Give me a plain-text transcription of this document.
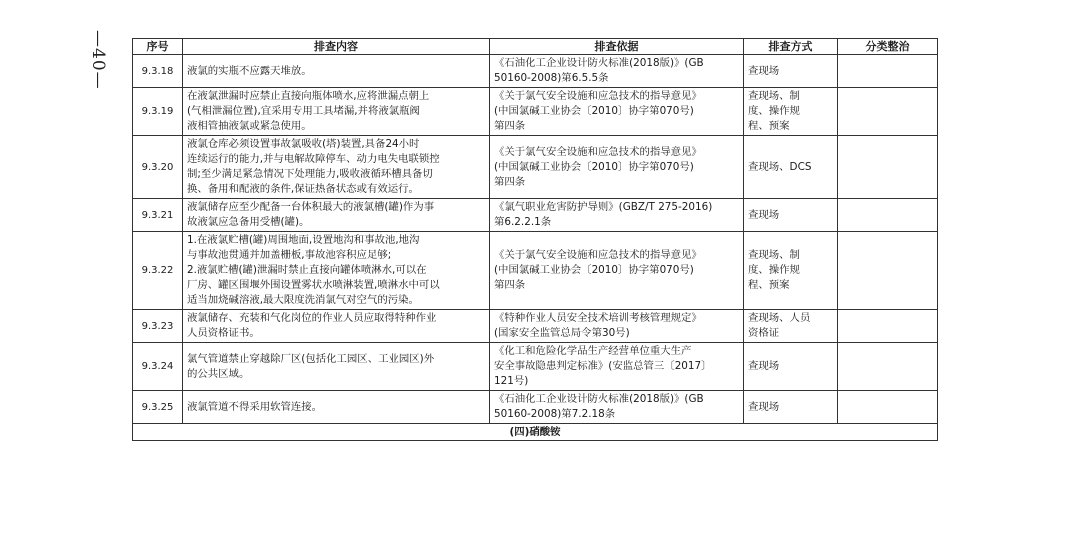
—40—	序号	排查内容	排查依据	排查方式	分类整治
9.3.18	液氯的实瓶不应露天堆放。	《石油化工企业设计防火标准(2018版)》(GB
50160-2008)第6.5.5条	查现场	
9.3.19	在液氯泄漏时应禁止直接向瓶体喷水,应将泄漏点朝上
(气相泄漏位置),宜采用专用工具堵漏,并将液氯瓶阀
液相管抽液氯或紧急使用。	《关于氯气安全设施和应急技术的指导意见》
(中国氯碱工业协会〔2010〕协字第070号)
第四条	查现场、制
度、操作规
程、预案	
9.3.20	液氯仓库必须设置事故氯吸收(塔)装置,具备24小时
连续运行的能力,并与电解故障停车、动力电失电联锁控
制;至少满足紧急情况下处理能力,吸收液循环槽具备切
换、备用和配液的条件,保证热备状态或有效运行。	《关于氯气安全设施和应急技术的指导意见》
(中国氯碱工业协会〔2010〕协字第070号)
第四条	查现场、DCS	
9.3.21	液氯储存应至少配备一台体积最大的液氯槽(罐)作为事
故液氯应急备用受槽(罐)。	《氯气职业危害防护导则》(GBZ/T 275-2016)
第6.2.2.1条	查现场	
9.3.22	1.在液氯贮槽(罐)周围地面,设置地沟和事故池,地沟
与事故池贯通并加盖栅板,事故池容积应足够;
2.液氯贮槽(罐)泄漏时禁止直接向罐体喷淋水,可以在
厂房、罐区围堰外围设置雾状水喷淋装置,喷淋水中可以
适当加烧碱溶液,最大限度洗消氯气对空气的污染。	《关于氯气安全设施和应急技术的指导意见》
(中国氯碱工业协会〔2010〕协字第070号)
第四条	查现场、制
度、操作规
程、预案	
9.3.23	液氯储存、充装和气化岗位的作业人员应取得特种作业
人员资格证书。	《特种作业人员安全技术培训考核管理规定》
(国家安全监管总局令第30号)	查现场、人员
资格证	
9.3.24	氯气管道禁止穿越除厂区(包括化工园区、工业园区)外
的公共区域。	《化工和危险化学品生产经营单位重大生产
安全事故隐患判定标准》(安监总管三〔2017〕
121号)	查现场	
9.3.25	液氯管道不得采用软管连接。	《石油化工企业设计防火标准(2018版)》(GB
50160-2008)第7.2.18条	查现场	
(四)硝酸铵				
